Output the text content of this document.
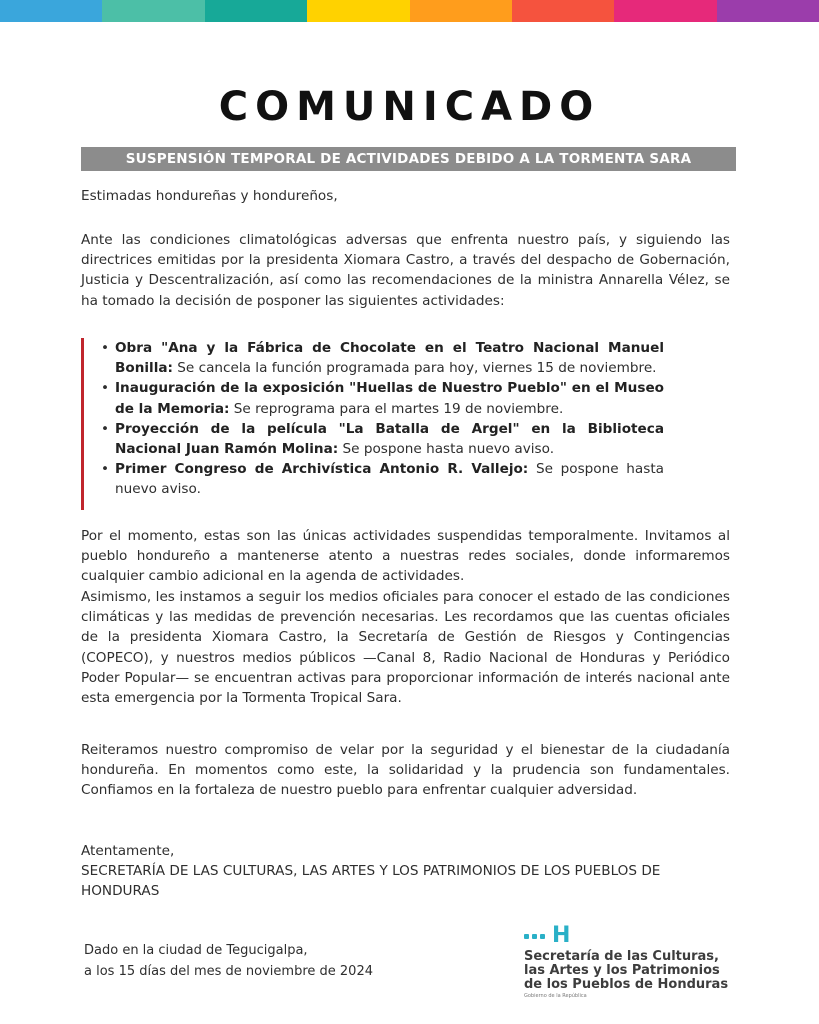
COMUNICADO
SUSPENSIÓN TEMPORAL DE ACTIVIDADES DEBIDO A LA TORMENTA SARA
Estimadas hondureñas y hondureños,
Ante las condiciones climatológicas adversas que enfrenta nuestro país, y siguiendo las directrices emitidas por la presidenta Xiomara Castro, a través del despacho de Gobernación, Justicia y Descentralización, así como las recomendaciones de la ministra Annarella Vélez, se ha tomado la decisión de posponer las siguientes actividades:
• Obra "Ana y la Fábrica de Chocolate en el Teatro Nacional Manuel Bonilla: Se cancela la función programada para hoy, viernes 15 de noviembre.
• Inauguración de la exposición "Huellas de Nuestro Pueblo" en el Museo de la Memoria: Se reprograma para el martes 19 de noviembre.
• Proyección de la película "La Batalla de Argel" en la Biblioteca Nacional Juan Ramón Molina: Se pospone hasta nuevo aviso.
• Primer Congreso de Archivística Antonio R. Vallejo: Se pospone hasta nuevo aviso.
Por el momento, estas son las únicas actividades suspendidas temporalmente. Invitamos al pueblo hondureño a mantenerse atento a nuestras redes sociales, donde informaremos cualquier cambio adicional en la agenda de actividades.
Asimismo, les instamos a seguir los medios oficiales para conocer el estado de las condiciones climáticas y las medidas de prevención necesarias. Les recordamos que las cuentas oficiales de la presidenta Xiomara Castro, la Secretaría de Gestión de Riesgos y Contingencias (COPECO), y nuestros medios públicos —Canal 8, Radio Nacional de Honduras y Periódico Poder Popular— se encuentran activas para proporcionar información de interés nacional ante esta emergencia por la Tormenta Tropical Sara.
Reiteramos nuestro compromiso de velar por la seguridad y el bienestar de la ciudadanía hondureña. En momentos como este, la solidaridad y la prudencia son fundamentales. Confiamos en la fortaleza de nuestro pueblo para enfrentar cualquier adversidad.
Atentamente,
SECRETARÍA DE LAS CULTURAS, LAS ARTES Y LOS PATRIMONIOS DE LOS PUEBLOS DE HONDURAS
Dado en la ciudad de Tegucigalpa,
a los 15 días del mes de noviembre de 2024
H
Secretaría de las Culturas,
las Artes y los Patrimonios
de los Pueblos de Honduras
Gobierno de la República
